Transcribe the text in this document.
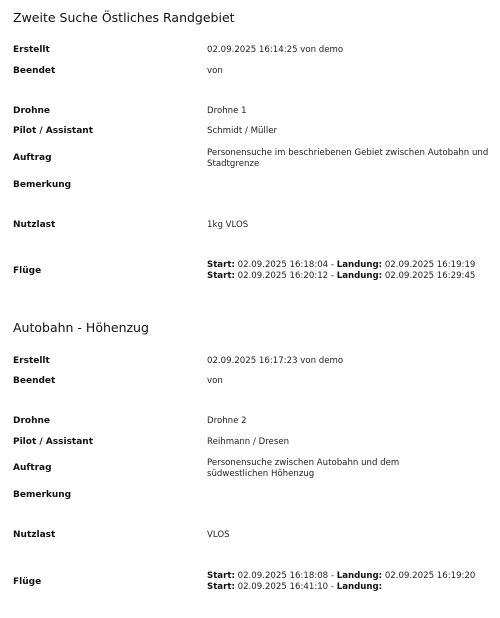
Zweite Suche Östliches Randgebiet
Erstellt	02.09.2025 16:14:25 von demo
Beendet	von
Drohne	Drohne 1
Pilot / Assistant	Schmidt / Müller
Auftrag	Personensuche im beschriebenen Gebiet zwischen Autobahn und Stadtgrenze
Bemerkung
Nutzlast	1kg VLOS
Flüge
Start: 02.09.2025 16:18:04 - Landung: 02.09.2025 16:19:19
Start: 02.09.2025 16:20:12 - Landung: 02.09.2025 16:29:45
Autobahn - Höhenzug
Erstellt	02.09.2025 16:17:23 von demo
Beendet	von
Drohne	Drohne 2
Pilot / Assistant	Reihmann / Dresen
Auftrag	Personensuche zwischen Autobahn und dem südwestlichen Höhenzug
Bemerkung
Nutzlast	VLOS
Flüge
Start: 02.09.2025 16:18:08 - Landung: 02.09.2025 16:19:20
Start: 02.09.2025 16:41:10 - Landung:
